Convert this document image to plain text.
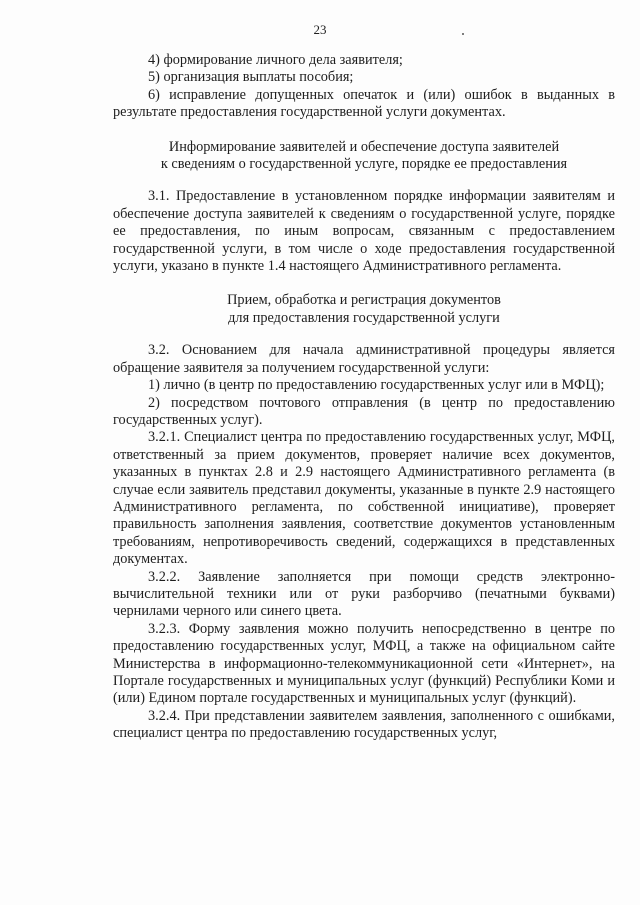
23

4) формирование личного дела заявителя;

5) организация выплаты пособия;

6) исправление допущенных опечаток и (или) ошибок в выданных в результате предоставления государственной услуги документах.

Информирование заявителей и обеспечение доступа заявителей

к сведениям о государственной услуге, порядке ее предоставления

3.1. Предоставление в установленном порядке информации заявителям и обеспечение доступа заявителей к сведениям о государственной услуге, порядке ее предоставления, по иным вопросам, связанным с предоставлением государственной услуги, в том числе о ходе предоставления государственной услуги, указано в пункте 1.4 настоящего Административного регламента.

Прием, обработка и регистрация документов

для предоставления государственной услуги

3.2. Основанием для начала административной процедуры является обращение заявителя за получением государственной услуги:

1) лично (в центр по предоставлению государственных услуг или в МФЦ);

2) посредством почтового отправления (в центр по предоставлению государственных услуг).

3.2.1. Специалист центра по предоставлению государственных услуг, МФЦ, ответственный за прием документов, проверяет наличие всех документов, указанных в пунктах 2.8 и 2.9 настоящего Административного регламента (в случае если заявитель представил документы, указанные в пункте 2.9 настоящего Административного регламента, по собственной инициативе), проверяет правильность заполнения заявления, соответствие документов установленным требованиям, непротиворечивость сведений, содержащихся в представленных документах.

3.2.2. Заявление заполняется при помощи средств электронно-вычислительной техники или от руки разборчиво (печатными буквами) чернилами черного или синего цвета.

3.2.3. Форму заявления можно получить непосредственно в центре по предоставлению государственных услуг, МФЦ, а также на официальном сайте Министерства в информационно-телекоммуникационной сети «Интернет», на Портале государственных и муниципальных услуг (функций) Республики Коми и (или) Едином портале государственных и муниципальных услуг (функций).

3.2.4. При представлении заявителем заявления, заполненного с ошибками, специалист центра по предоставлению государственных услуг,
